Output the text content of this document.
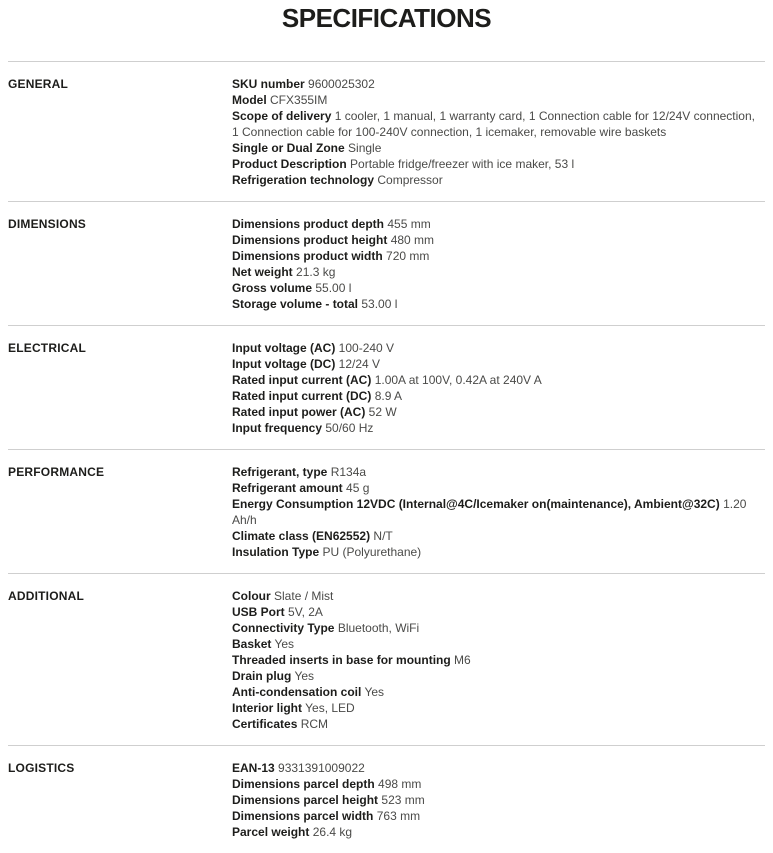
SPECIFICATIONS
GENERAL	SKU number 9600025302
Model CFX355IM
Scope of delivery 1 cooler, 1 manual, 1 warranty card, 1 Connection cable for 12/24V connection, 1 Connection cable for 100-240V connection, 1 icemaker, removable wire baskets
Single or Dual Zone Single
Product Description Portable fridge/freezer with ice maker, 53 l
Refrigeration technology Compressor
DIMENSIONS	Dimensions product depth 455 mm
Dimensions product height 480 mm
Dimensions product width 720 mm
Net weight 21.3 kg
Gross volume 55.00 l
Storage volume - total 53.00 l
ELECTRICAL	Input voltage (AC) 100-240 V
Input voltage (DC) 12/24 V
Rated input current (AC) 1.00A at 100V, 0.42A at 240V A
Rated input current (DC) 8.9 A
Rated input power (AC) 52 W
Input frequency 50/60 Hz
PERFORMANCE	Refrigerant, type R134a
Refrigerant amount 45 g
Energy Consumption 12VDC (Internal@4C/Icemaker on(maintenance), Ambient@32C) 1.20 Ah/h
Climate class (EN62552) N/T
Insulation Type PU (Polyurethane)
ADDITIONAL	Colour Slate / Mist
USB Port 5V, 2A
Connectivity Type Bluetooth, WiFi
Basket Yes
Threaded inserts in base for mounting M6
Drain plug Yes
Anti-condensation coil Yes
Interior light Yes, LED
Certificates RCM
LOGISTICS	EAN-13 9331391009022
Dimensions parcel depth 498 mm
Dimensions parcel height 523 mm
Dimensions parcel width 763 mm
Parcel weight 26.4 kg
